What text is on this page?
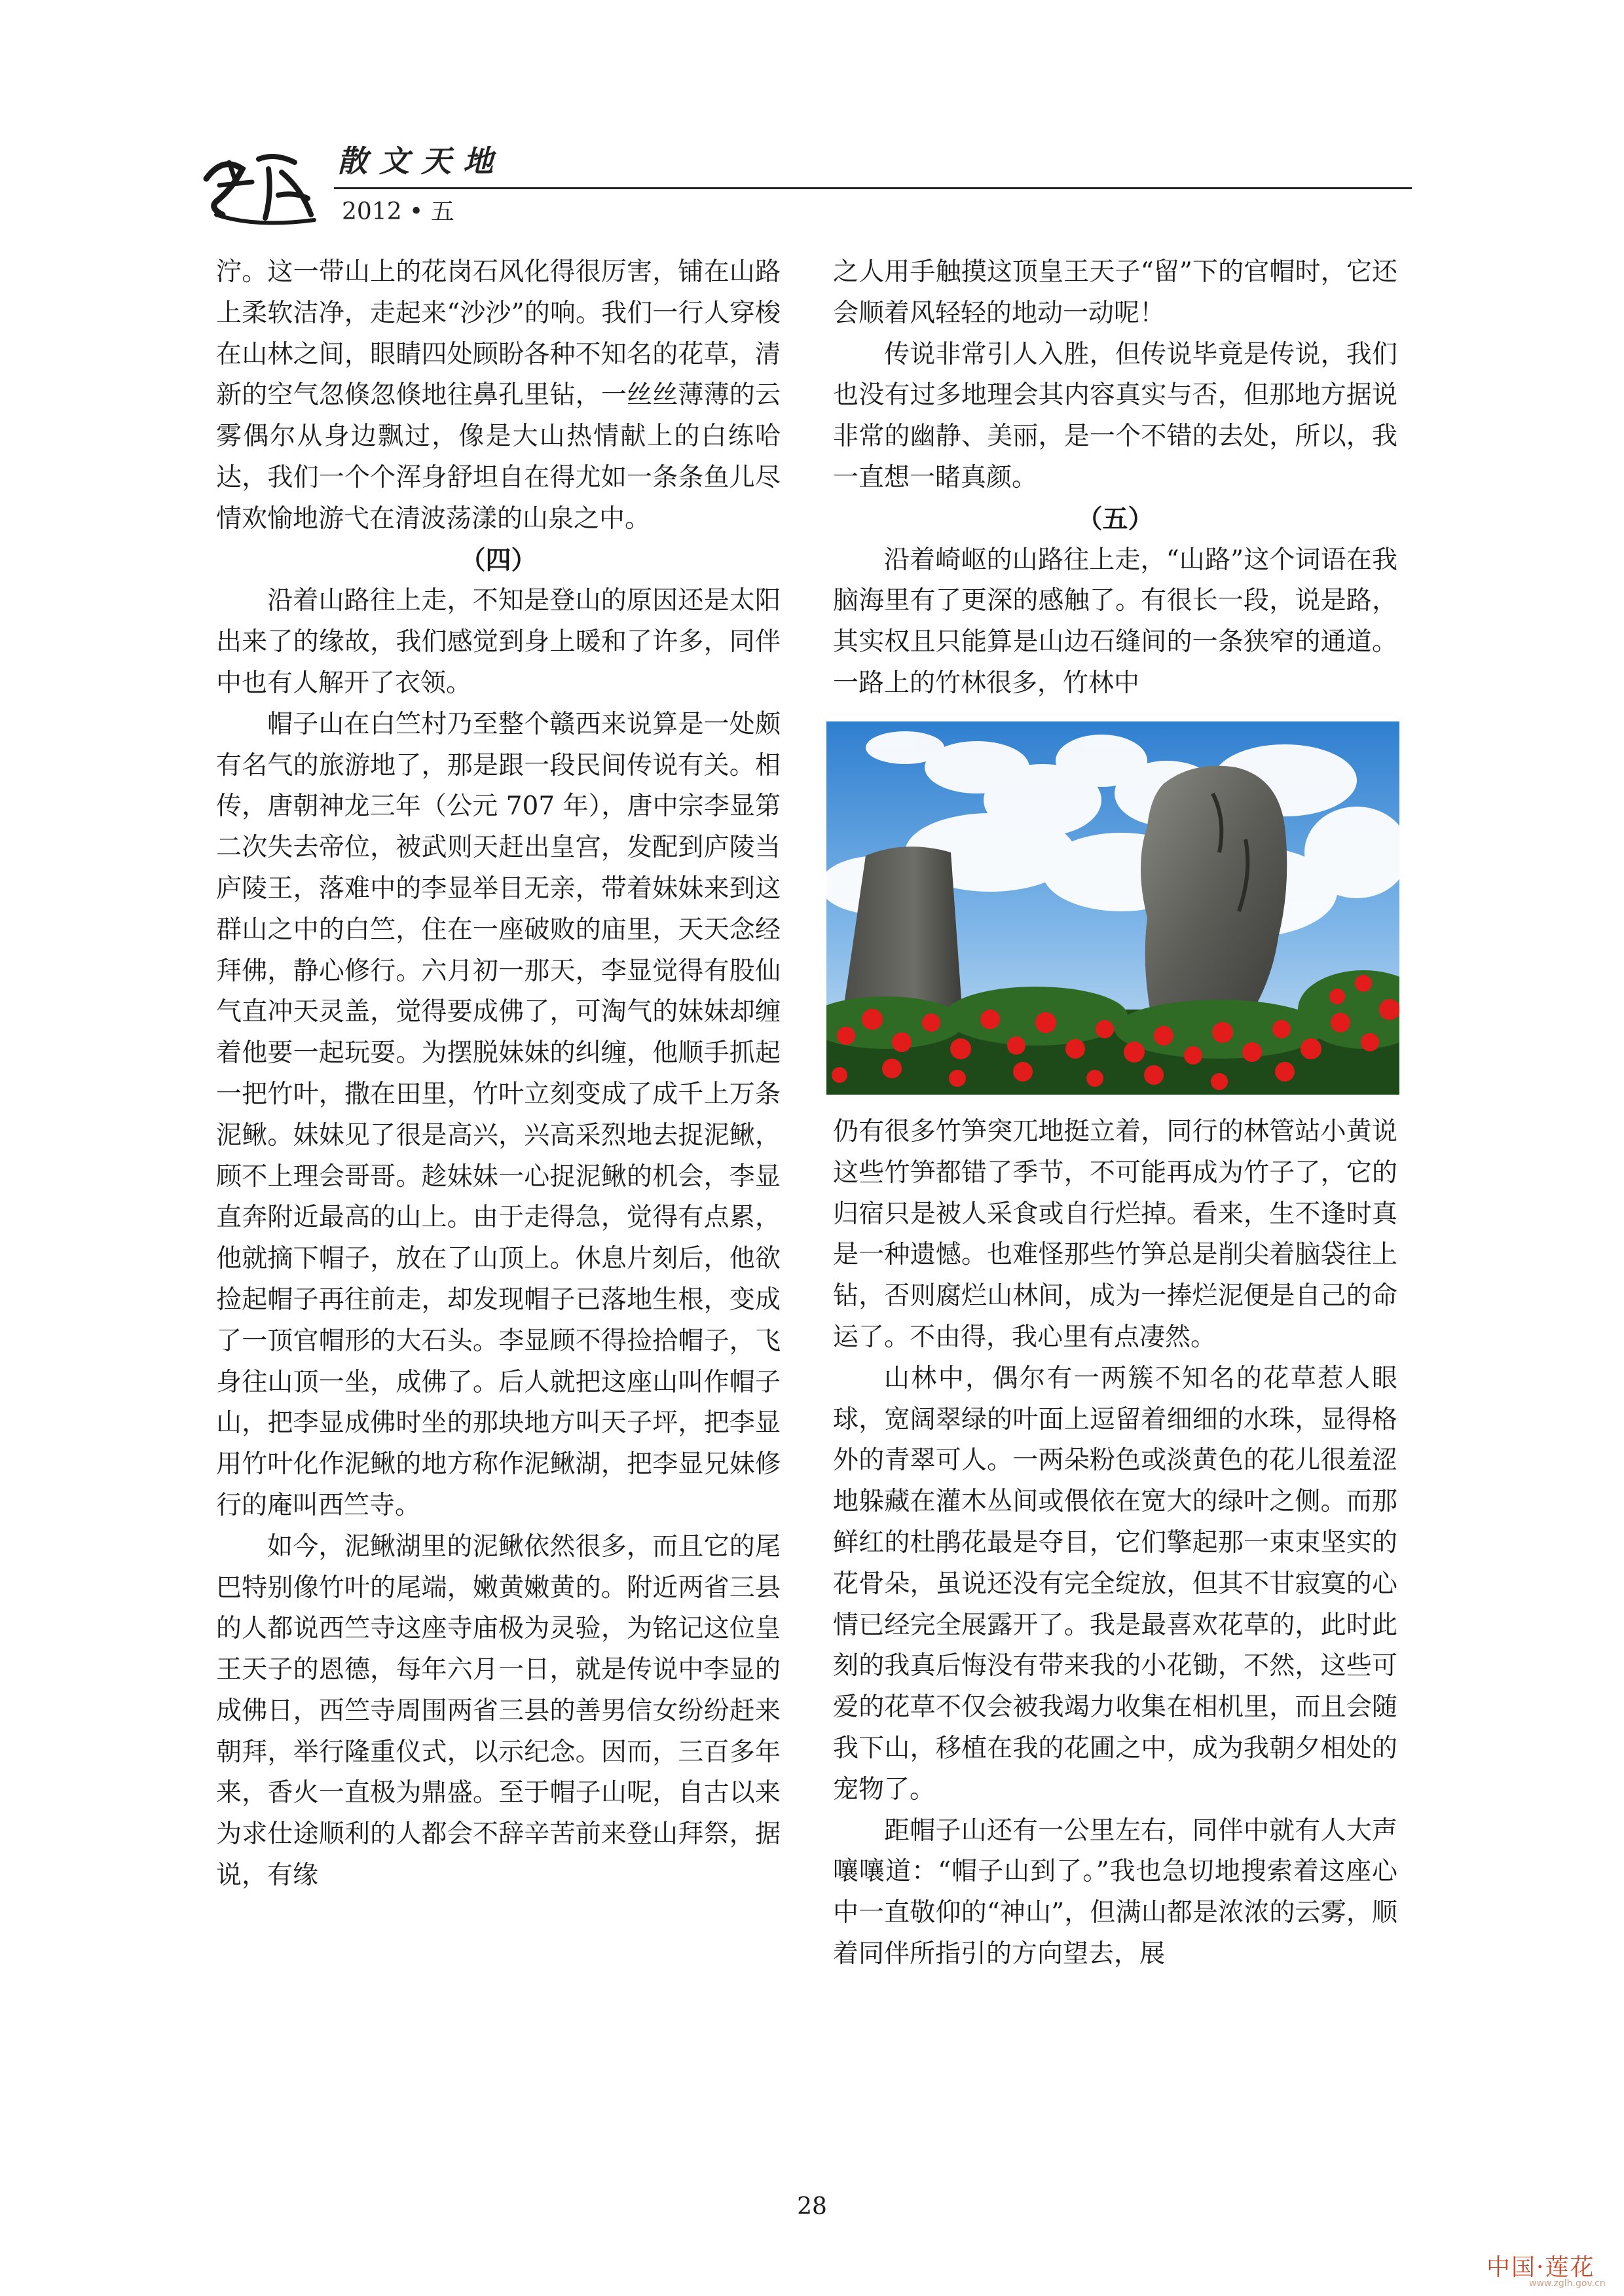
散文天地
2012 • 五

泞。这一带山上的花岗石风化得很厉害，铺在山路上柔软洁净，走起来“沙沙”的响。我们一行人穿梭在山林之间，眼睛四处顾盼各种不知名的花草，清新的空气忽倏忽倏地往鼻孔里钻，一丝丝薄薄的云雾偶尔从身边飘过，像是大山热情献上的白练哈达，我们一个个浑身舒坦自在得尤如一条条鱼儿尽情欢愉地游弋在清波荡漾的山泉之中。

（四）

沿着山路往上走，不知是登山的原因还是太阳出来了的缘故，我们感觉到身上暖和了许多，同伴中也有人解开了衣领。

帽子山在白竺村乃至整个赣西来说算是一处颇有名气的旅游地了，那是跟一段民间传说有关。相传，唐朝神龙三年（公元 707 年），唐中宗李显第二次失去帝位，被武则天赶出皇宫，发配到庐陵当庐陵王，落难中的李显举目无亲，带着妹妹来到这群山之中的白竺，住在一座破败的庙里，天天念经拜佛，静心修行。六月初一那天，李显觉得有股仙气直冲天灵盖，觉得要成佛了，可淘气的妹妹却缠着他要一起玩耍。为摆脱妹妹的纠缠，他顺手抓起一把竹叶，撒在田里，竹叶立刻变成了成千上万条泥鳅。妹妹见了很是高兴，兴高采烈地去捉泥鳅，顾不上理会哥哥。趁妹妹一心捉泥鳅的机会，李显直奔附近最高的山上。由于走得急，觉得有点累，他就摘下帽子，放在了山顶上。休息片刻后，他欲捡起帽子再往前走，却发现帽子已落地生根，变成了一顶官帽形的大石头。李显顾不得捡拾帽子，飞身往山顶一坐，成佛了。后人就把这座山叫作帽子山，把李显成佛时坐的那块地方叫天子坪，把李显用竹叶化作泥鳅的地方称作泥鳅湖，把李显兄妹修行的庵叫西竺寺。

如今，泥鳅湖里的泥鳅依然很多，而且它的尾巴特别像竹叶的尾端，嫩黄嫩黄的。附近两省三县的人都说西竺寺这座寺庙极为灵验，为铭记这位皇王天子的恩德，每年六月一日，就是传说中李显的成佛日，西竺寺周围两省三县的善男信女纷纷赶来朝拜，举行隆重仪式，以示纪念。因而，三百多年来，香火一直极为鼎盛。至于帽子山呢，自古以来为求仕途顺利的人都会不辞辛苦前来登山拜祭，据说，有缘

之人用手触摸这顶皇王天子“留”下的官帽时，它还会顺着风轻轻的地动一动呢！

传说非常引人入胜，但传说毕竟是传说，我们也没有过多地理会其内容真实与否，但那地方据说非常的幽静、美丽，是一个不错的去处，所以，我一直想一睹真颜。

（五）

沿着崎岖的山路往上走，“山路”这个词语在我脑海里有了更深的感触了。有很长一段，说是路，其实权且只能算是山边石缝间的一条狭窄的通道。一路上的竹林很多，竹林中

仍有很多竹笋突兀地挺立着，同行的林管站小黄说这些竹笋都错了季节，不可能再成为竹子了，它的归宿只是被人采食或自行烂掉。看来，生不逢时真是一种遗憾。也难怪那些竹笋总是削尖着脑袋往上钻，否则腐烂山林间，成为一捧烂泥便是自己的命运了。不由得，我心里有点凄然。

山林中，偶尔有一两簇不知名的花草惹人眼球，宽阔翠绿的叶面上逗留着细细的水珠，显得格外的青翠可人。一两朵粉色或淡黄色的花儿很羞涩地躲藏在灌木丛间或偎依在宽大的绿叶之侧。而那鲜红的杜鹃花最是夺目，它们擎起那一束束坚实的花骨朵，虽说还没有完全绽放，但其不甘寂寞的心情已经完全展露开了。我是最喜欢花草的，此时此刻的我真后悔没有带来我的小花锄，不然，这些可爱的花草不仅会被我竭力收集在相机里，而且会随我下山，移植在我的花圃之中，成为我朝夕相处的宠物了。

距帽子山还有一公里左右，同伴中就有人大声嚷嚷道：“帽子山到了。”我也急切地搜索着这座心中一直敬仰的“神山”，但满山都是浓浓的云雾，顺着同伴所指引的方向望去，展

28
中国·莲花
www.zglh.gov.cn
